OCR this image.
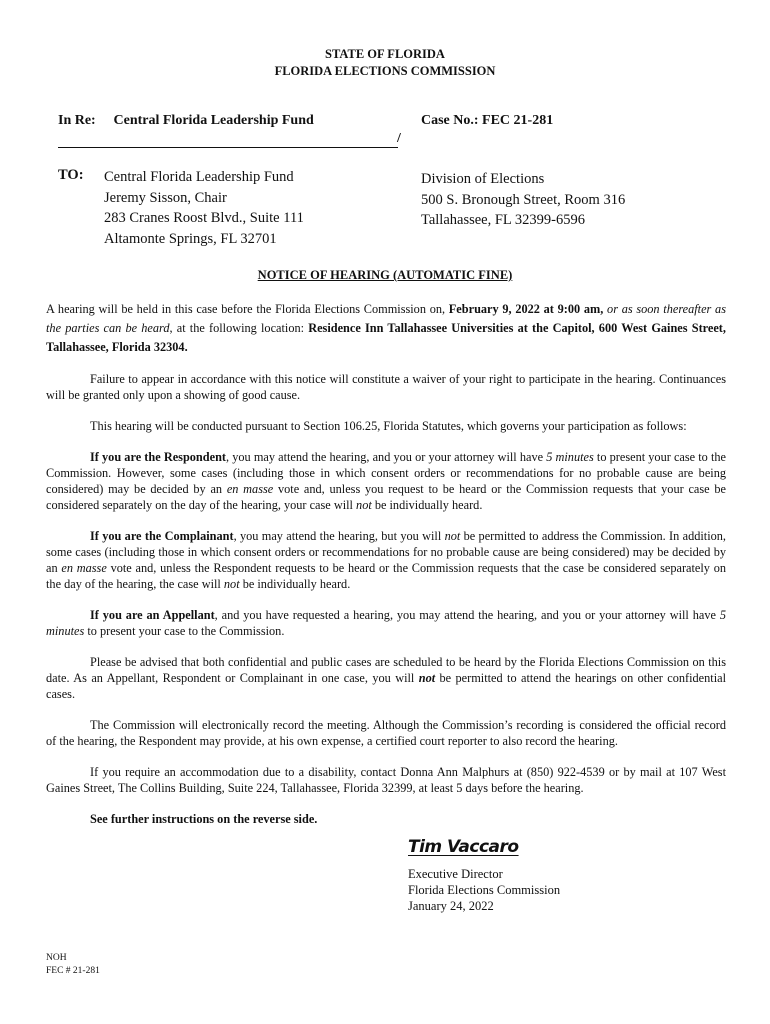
STATE OF FLORIDA
FLORIDA ELECTIONS COMMISSION
In Re: Central Florida Leadership Fund
/
Case No.: FEC 21-281
TO: Central Florida Leadership Fund
Jeremy Sisson, Chair
283 Cranes Roost Blvd., Suite 111
Altamonte Springs, FL 32701
Division of Elections
500 S. Bronough Street, Room 316
Tallahassee, FL 32399-6596
NOTICE OF HEARING (AUTOMATIC FINE)

A hearing will be held in this case before the Florida Elections Commission on, February 9, 2022 at 9:00 am, or as soon thereafter as the parties can be heard, at the following location: Residence Inn Tallahassee Universities at the Capitol, 600 West Gaines Street, Tallahassee, Florida 32304.

Failure to appear in accordance with this notice will constitute a waiver of your right to participate in the hearing. Continuances will be granted only upon a showing of good cause.

This hearing will be conducted pursuant to Section 106.25, Florida Statutes, which governs your participation as follows:

If you are the Respondent, you may attend the hearing, and you or your attorney will have 5 minutes to present your case to the Commission. However, some cases (including those in which consent orders or recommendations for no probable cause are being considered) may be decided by an en masse vote and, unless you request to be heard or the Commission requests that your case be considered separately on the day of the hearing, your case will not be individually heard.

If you are the Complainant, you may attend the hearing, but you will not be permitted to address the Commission. In addition, some cases (including those in which consent orders or recommendations for no probable cause are being considered) may be decided by an en masse vote and, unless the Respondent requests to be heard or the Commission requests that the case be considered separately on the day of the hearing, the case will not be individually heard.

If you are an Appellant, and you have requested a hearing, you may attend the hearing, and you or your attorney will have 5 minutes to present your case to the Commission.

Please be advised that both confidential and public cases are scheduled to be heard by the Florida Elections Commission on this date. As an Appellant, Respondent or Complainant in one case, you will not be permitted to attend the hearings on other confidential cases.

The Commission will electronically record the meeting. Although the Commission’s recording is considered the official record of the hearing, the Respondent may provide, at his own expense, a certified court reporter to also record the hearing.

If you require an accommodation due to a disability, contact Donna Ann Malphurs at (850) 922-4539 or by mail at 107 West Gaines Street, The Collins Building, Suite 224, Tallahassee, Florida 32399, at least 5 days before the hearing.

See further instructions on the reverse side.

Tim Vaccaro
Executive Director
Florida Elections Commission
January 24, 2022
NOH
FEC # 21-281
